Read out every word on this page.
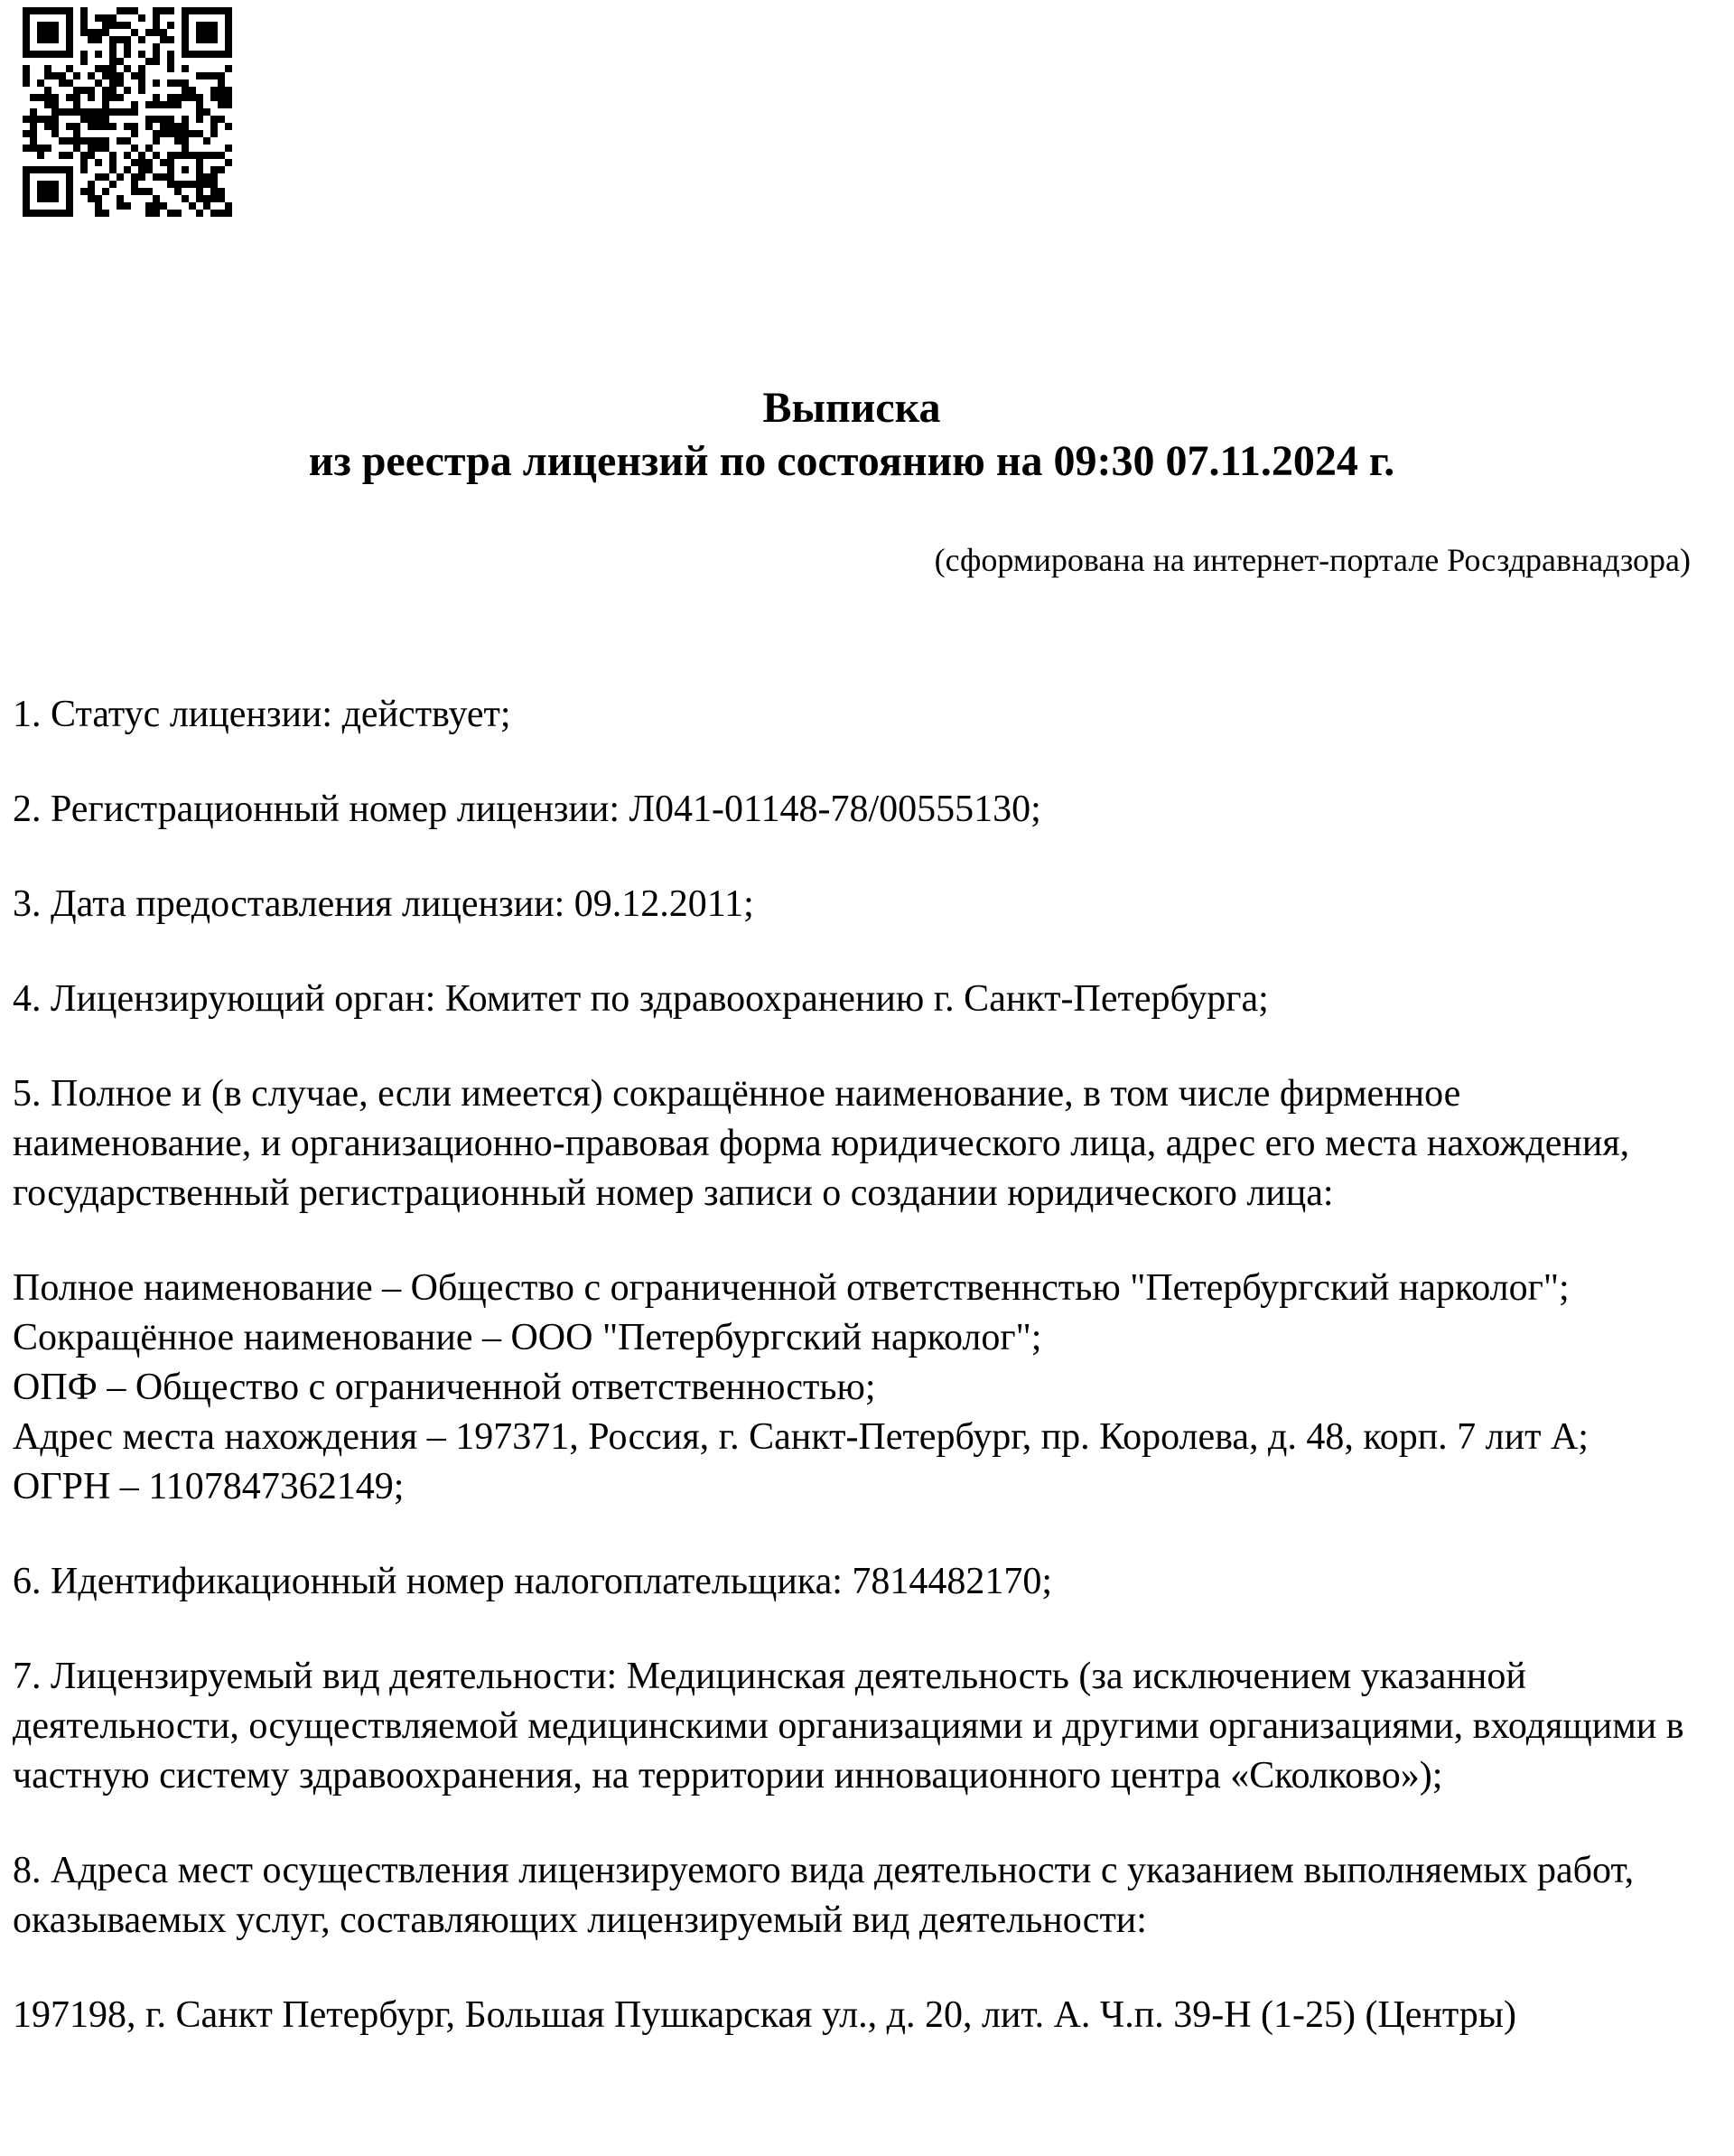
Выписка
из реестра лицензий по состоянию на 09:30 07.11.2024 г.
(сформирована на интернет-портале Росздравнадзора)
1. Статус лицензии: действует;
2. Регистрационный номер лицензии: Л041-01148-78/00555130;
3. Дата предоставления лицензии: 09.12.2011;
4. Лицензирующий орган: Комитет по здравоохранению г. Санкт-Петербурга;
5. Полное и (в случае, если имеется) сокращённое наименование, в том числе фирменное наименование, и организационно-правовая форма юридического лица, адрес его места нахождения, государственный регистрационный номер записи о создании юридического лица:
Полное наименование – Общество с ограниченной ответственнстью "Петербургский нарколог";
Сокращённое наименование – ООО "Петербургский нарколог";
ОПФ – Общество с ограниченной ответственностью;
Адрес места нахождения – 197371, Россия, г. Санкт-Петербург, пр. Королева, д. 48, корп. 7 лит А;
ОГРН – 1107847362149;
6. Идентификационный номер налогоплательщика: 7814482170;
7. Лицензируемый вид деятельности: Медицинская деятельность (за исключением указанной деятельности, осуществляемой медицинскими организациями и другими организациями, входящими в частную систему здравоохранения, на территории инновационного центра «Сколково»);
8. Адреса мест осуществления лицензируемого вида деятельности с указанием выполняемых работ, оказываемых услуг, составляющих лицензируемый вид деятельности:
197198, г. Санкт Петербург, Большая Пушкарская ул., д. 20, лит. А. Ч.п. 39-Н (1-25) (Центры)
